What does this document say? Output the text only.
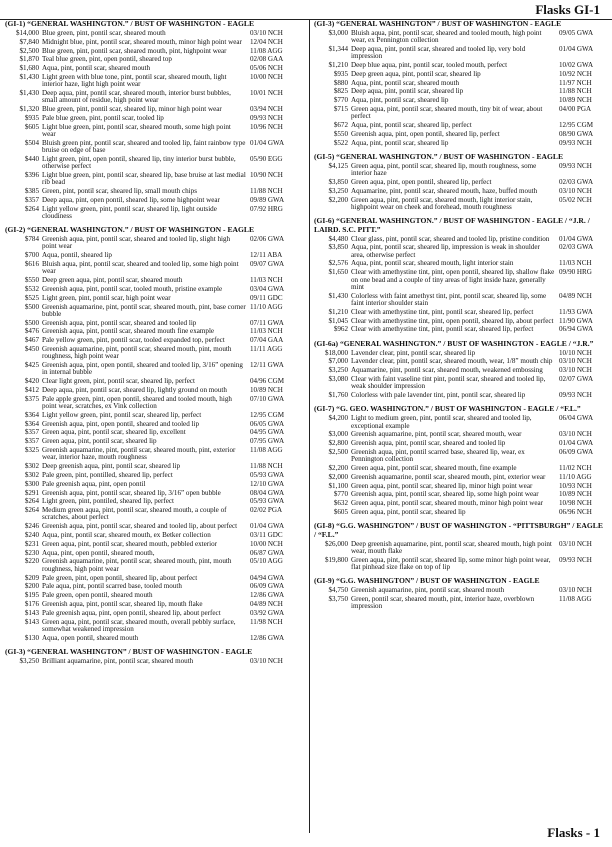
Flasks GI-1
(GI-1) “GENERAL WASHINGTON.” / BUST OF WASHINGTON - EAGLE
$14,000 Blue green, pint, pontil scar, sheared mouth	03/10 NCH
$7,840 Midnight blue, pint, pontil scar, sheared mouth, minor high point wear	12/04 NCH
$2,500 Blue green, pint, pontil scar, sheared mouth, pint, highpoint wear	11/08 AGG
$1,870 Teal blue green, pint, open pontil, sheared top	02/08 GAA
$1,680 Aqua, pint, pontil scar, sheared mouth	05/06 NCH
$1,430 Light green with blue tone, pint, pontil scar, sheared mouth, light interior haze, light high point wear
10/00 NCH
$1,430 Deep aqua, pint, pontil scar, sheared mouth, interior burst bubbles, small amount of residue, high point wear
10/01 NCH
$1,320 Blue green, pint, pontil scar, sheared lip, minor high point wear	03/94 NCH
$935 Pale blue green, pint, pontil scar, tooled lip	09/93 NCH
$605 Light blue green, pint, pontil scar, sheared mouth, some high point wear
10/96 NCH
$504 Bluish green pint, pontil scar, sheared and tooled lip, faint rainbow type bruise on edge of base
01/04 GWA
$440 Light green, pint, open pontil, sheared lip, tiny interior burst bubble, otherwise perfect
05/90 EGG
$396 Light blue green, pint, pontil scar, sheared lip, base bruise at last medial rib bead
10/90 NCH
$385 Green, pint, pontil scar, sheared lip, small mouth chips	11/88 NCH
$357 Deep aqua, pint, open pontil, sheared lip, some highpoint wear	09/89 GWA
$264 Light yellow green, pint, pontil scar, sheared lip, light outside cloudiness
07/92 HRG
(GI-2) “GENERAL WASHINGTON.” / BUST OF WASHINGTON - EAGLE
$784 Greenish aqua, pint, pontil scar, sheared and tooled lip, slight high point wear
02/06 GWA
$700 Aqua, pontil, sheared lip	12/11 ABA
$616 Bluish aqua, pint, pontil scar, sheared and tooled lip, some high point wear
09/07 GWA
$550 Deep green aqua, pint, pontil scar, sheared mouth	11/03 NCH
$532 Greenish aqua, pint, pontil scar, tooled mouth, pristine example	03/04 GWA
$525 Light green, pint, pontil scar, high point wear	09/11 GDC
$500 Greenish aquamarine, pint, pontil scar, sheared mouth, pint, base corner bubble
11/10 AGG
$500 Greenish aqua, pint, pontil scar, sheared and tooled lip	07/11 GWA
$476 Greenish aqua, pint, pontil scar, sheared mouth fine example	11/03 NCH
$467 Pale yellow green, pint, pontil scar, tooled expanded top, perfect	07/04 GAA
$450 Greenish aquamarine, pint, pontil scar, sheared mouth, pint, mouth roughness, high point wear
11/11 AGG
$425 Greenish aqua, pint, open pontil, sheared and tooled lip, 3/16” opening in internal bubble
12/11 GWA
$420 Clear light green, pint, pontil scar, sheared lip, perfect	04/96 CGM
$412 Deep aqua, pint, pontil scar, sheared lip, lightly ground on mouth	10/89 NCH
$375 Pale apple green, pint, open pontil, sheared and tooled mouth, high point wear, scratches, ex Vink collection
07/10 GWA
$364 Light yellow green, pint, pontil scar, sheared lip, perfect	12/95 CGM
$364 Greenish aqua, pint, open pontil, sheared and tooled lip	06/05 GWA
$357 Green aqua, pint, pontil scar, sheared lip, excellent	04/95 GWA
$357 Green aqua, pint, pontil scar, sheared lip	07/95 GWA
$325 Greenish aquamarine, pint, pontil scar, sheared mouth, pint, exterior wear, interior haze, mouth roughness
11/08 AGG
$302 Deep greenish aqua, pint, pontil scar, sheared lip	11/88 NCH
$302 Pale green, pint, pontilled, sheared lip, perfect	05/93 GWA
$300 Pale greenish aqua, pint, open pontil	12/10 GWA
$291 Greenish aqua, pint, pontil scar, sheared lip, 3/16” open bubble	08/04 GWA
$264 Light green, pint, pontiled, sheared lip, perfect	05/93 GWA
$264 Medium green aqua, pint, pontil scar, sheared mouth, a couple of scratches, about perfect
02/02 PGA
$246 Greenish aqua, pint, pontil scar, sheared and tooled lip, about perfect	01/04 GWA
$240 Aqua, pint, pontil scar, sheared mouth, ex Betker collection	03/11 GDC
$231 Green aqua, pint, pontil scar, sheared mouth, pebbled exterior	10/00 NCH
$230 Aqua, pint, open pontil, sheared mouth,	06/87 GWA
$220 Greenish aquamarine, pint, pontil scar, sheared mouth, pint, mouth roughness, high point wear
05/10 AGG
$209 Pale green, pint, open pontil, sheared lip, about perfect	04/94 GWA
$200 Pale aqua, pint, pontil scarred base, tooled mouth	06/09 GWA
$195 Pale green, open pontil, sheared mouth	12/86 GWA
$176 Greenish aqua, pint, pontil scar, sheared lip, mouth flake	04/89 NCH
$143 Pale greenish aqua, pint, open pontil, sheared lip, about perfect	03/92 GWA
$143 Green aqua, pint, pontil scar, sheared mouth, overall pebbly surface, somewhat weakened impression
11/98 NCH
$130 Aqua, open pontil, sheared mouth	12/86 GWA
(GI-3) “GENERAL WASHINGTON” / BUST OF WASHINGTON - EAGLE
$3,250 Brilliant aquamarine, pint, pontil scar, sheared mouth	03/10 NCH
(GI-3) “GENERAL WASHINGTON” / BUST OF WASHINGTON - EAGLE
$3,000 Bluish aqua, pint, pontil scar, sheared and tooled mouth, high point wear, ex Pennington collection
09/05 GWA
$1,344 Deep aqua, pint, pontil scar, sheared and tooled lip, very bold impression
01/04 GWA
$1,210 Deep blue aqua, pint, pontil scar, tooled mouth, perfect	10/02 GWA
$935 Deep green aqua, pint, pontil scar, sheared lip	10/92 NCH
$880 Aqua, pint, pontil scar, sheared mouth	11/97 NCH
$825 Deep aqua, pint, pontil scar, sheared lip	11/88 NCH
$770 Aqua, pint, pontil scar, sheared lip	10/89 NCH
$715 Green aqua, pint, pontil scar, sheared mouth, tiny bit of wear, about perfect
04/00 PGA
$672 Aqua, pint, pontil scar, sheared lip, perfect	12/95 CGM
$550 Greenish aqua, pint, open pontil, sheared lip, perfect	08/90 GWA
$522 Aqua, pint, pontil scar, sheared lip	09/93 NCH
(GI-5) “GENERAL WASHINGTON.” / BUST OF WASHINGTON - EAGLE
$4,125 Green aqua, pint, pontil scar, sheared lip, mouth roughness, some interior haze
09/93 NCH
$3,850 Green aqua, pint, open pontil, sheared lip, perfect	02/03 GWA
$3,250 Aquamarine, pint, pontil scar, sheared mouth, haze, buffed mouth	03/10 NCH
$2,200 Green aqua, pint, pontil scar, sheared mouth, light interior stain, highpoint wear on cheek and forehead, mouth roughness
05/02 NCH
(GI-6) “GENERAL WASHINGTON.” / BUST OF WASHINGTON - EAGLE / “J.R. / LAIRD. S.C. PITT.”
$4,480 Clear glass, pint, pontil scar, sheared and tooled lip, pristine condition	01/04 GWA
$3,850 Aqua, pint, pontil scar, sheared lip, impression is weak in shoulder area, otherwise perfect
02/03 GWA
$2,576 Aqua, pint, pontil scar, sheared mouth, light interior stain	11/03 NCH
$1,650 Clear with amethystine tint, pint, open pontil, sheared lip, shallow flake on one bead and a couple of tiny areas of light inside haze, generally mint
09/90 HRG
$1,430 Colorless with faint amethyst tint, pint, pontil scar, sheared lip, some faint interior shoulder stain
04/89 NCH
$1,210 Clear with amethystine tint, pint, pontil scar, sheared lip, perfect	11/93 GWA
$1,045 Clear with amethystine tint, pint, open pontil, sheared lip, about perfect 11/90 GWA
$962 Clear with amethystine tint, pint, pontil scar, sheared lip, perfect	06/94 GWA
(GI-6a) “GENERAL WASHINGTON.” / BUST OF WASHINGTON - EAGLE / “J.R.”
$18,000 Lavender clear, pint, pontil scar, sheared lip	10/10 NCH
$7,000 Lavender clear, pint, pontil scar, sheared mouth, wear, 1/8” mouth chip 03/10 NCH
$3,250 Aquamarine, pint, pontil scar, sheared mouth, weakened embossing	03/10 NCH
$3,080 Clear with faint vaseline tint pint, pontil scar, sheared and tooled lip, weak shoulder impression
02/07 GWA
$1,760 Colorless with pale lavender tint, pint, pontil scar, sheared lip	09/93 NCH
(GI-7) “G. GEO. WASHINGTON.” / BUST OF WASHINGTON - EAGLE / “F.L.”
$4,200 Light to medium green, pint, pontil scar, sheared and tooled lip, exceptional example
06/04 GWA
$3,000 Greenish aquamarine, pint, pontil scar, sheared mouth, wear	03/10 NCH
$2,800 Greenish aqua, pint, pontil scar, sheared and tooled lip	01/04 GWA
$2,500 Greenish aqua, pint, pontil scarred base, sheared lip, wear, ex Pennington collection
06/09 GWA
$2,200 Green aqua, pint, pontil scar, sheared mouth, fine example	11/02 NCH
$2,000 Greenish aquamarine, pontil scar, sheared mouth, pint, exterior wear	11/10 AGG
$1,100 Green aqua, pint, pontil scar, sheared lip, minor high point wear	10/93 NCH
$770 Greenish aqua, pint, pontil scar, sheared lip, some high point wear	10/89 NCH
$632 Green aqua, pint, pontil scar, sheared mouth, minor high point wear	10/98 NCH
$605 Green aqua, pint, pontil scar, sheared lip	06/96 NCH
(GI-8) “G.G. WASHINGTON” / BUST OF WASHINGTON - “PITTSBURGH” / EAGLE / “F.L.”
$26,000 Deep greenish aquamarine, pint, pontil scar, sheared mouth, high point wear, mouth flake
03/10 NCH
$19,800 Green aqua, pint, pontil scar, sheared lip, some minor high point wear, flat pinhead size flake on top of lip
09/93 NCH
(GI-9) “G.G. WASHINGTON” / BUST OF WASHINGTON - EAGLE
$4,750 Greenish aquamarine, pint, pontil scar, sheared mouth	03/10 NCH
$3,750 Green, pontil scar, sheared mouth, pint, interior haze, overblown impression
11/08 AGG
Flasks - 1
